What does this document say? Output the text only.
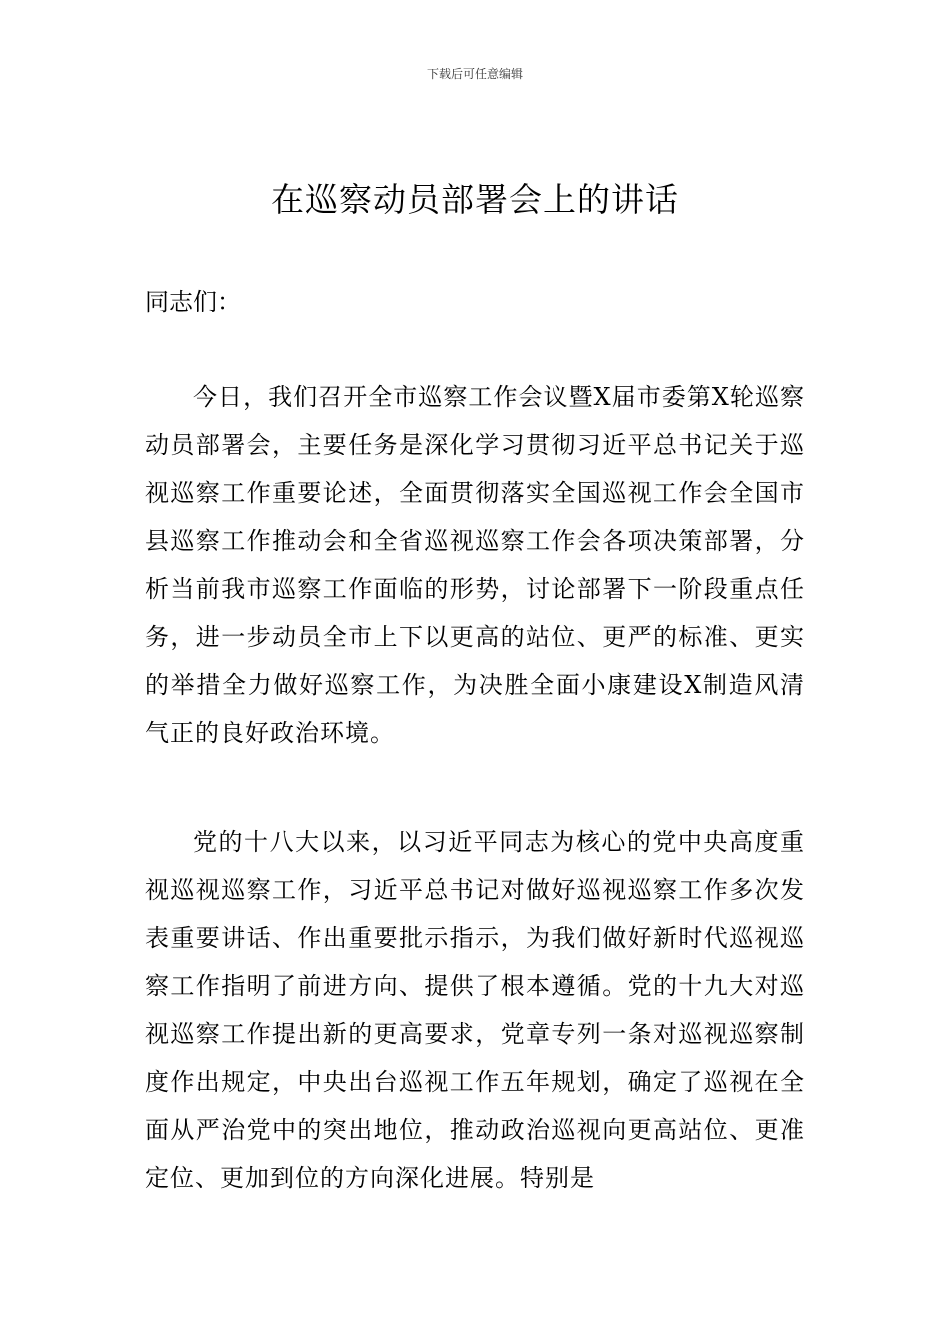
下载后可任意编辑
在巡察动员部署会上的讲话
同志们：

今日，我们召开全市巡察工作会议暨X届市委第X轮巡察动员部署会，主要任务是深化学习贯彻习近平总书记关于巡视巡察工作重要论述，全面贯彻落实全国巡视工作会全国市县巡察工作推动会和全省巡视巡察工作会各项决策部署，分析当前我市巡察工作面临的形势，讨论部署下一阶段重点任务，进一步动员全市上下以更高的站位、更严的标准、更实的举措全力做好巡察工作，为决胜全面小康建设X制造风清气正的良好政治环境。

党的十八大以来，以习近平同志为核心的党中央高度重视巡视巡察工作，习近平总书记对做好巡视巡察工作多次发表重要讲话、作出重要批示指示，为我们做好新时代巡视巡察工作指明了前进方向、提供了根本遵循。党的十九大对巡视巡察工作提出新的更高要求，党章专列一条对巡视巡察制度作出规定，中央出台巡视工作五年规划，确定了巡视在全面从严治党中的突出地位，推动政治巡视向更高站位、更准定位、更加到位的方向深化进展。特别是
